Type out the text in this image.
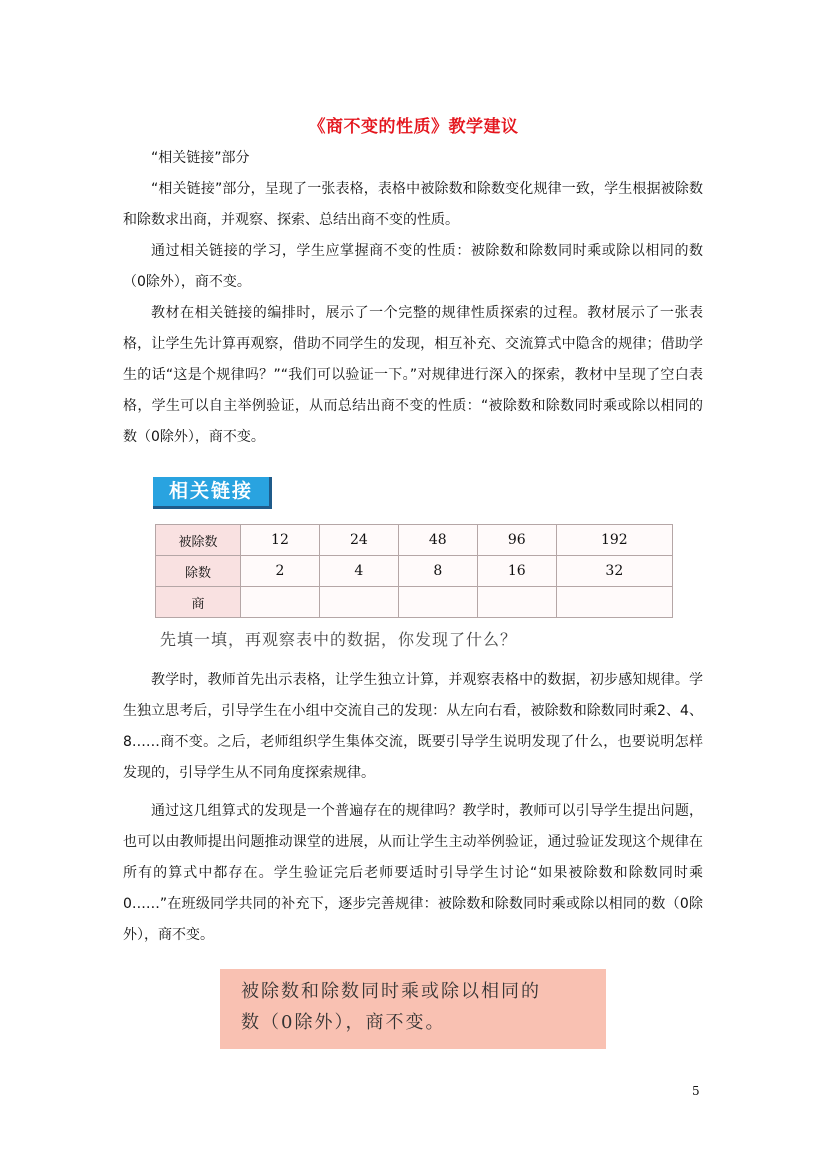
《商不变的性质》教学建议

“相关链接”部分

“相关链接”部分，呈现了一张表格，表格中被除数和除数变化规律一致，学生根据被除数和除数求出商，并观察、探索、总结出商不变的性质。

通过相关链接的学习，学生应掌握商不变的性质：被除数和除数同时乘或除以相同的数（0除外），商不变。

教材在相关链接的编排时，展示了一个完整的规律性质探索的过程。教材展示了一张表格，让学生先计算再观察，借助不同学生的发现，相互补充、交流算式中隐含的规律；借助学生的话“这是个规律吗？”“我们可以验证一下。”对规律进行深入的探索，教材中呈现了空白表格，学生可以自主举例验证，从而总结出商不变的性质：“被除数和除数同时乘或除以相同的数（0除外），商不变。

相关链接
被除数	12	24	48	96	192
除数	2	4	8	16	32
商					

先填一填，再观察表中的数据，你发现了什么？

教学时，教师首先出示表格，让学生独立计算，并观察表格中的数据，初步感知规律。学生独立思考后，引导学生在小组中交流自己的发现：从左向右看，被除数和除数同时乘2、4、8……商不变。之后，老师组织学生集体交流，既要引导学生说明发现了什么，也要说明怎样发现的，引导学生从不同角度探索规律。

通过这几组算式的发现是一个普遍存在的规律吗？教学时，教师可以引导学生提出问题，也可以由教师提出问题推动课堂的进展，从而让学生主动举例验证，通过验证发现这个规律在所有的算式中都存在。学生验证完后老师要适时引导学生讨论“如果被除数和除数同时乘0……”在班级同学共同的补充下，逐步完善规律：被除数和除数同时乘或除以相同的数（0除外），商不变。

被除数和除数同时乘或除以相同的
数（0除外），商不变。

5
